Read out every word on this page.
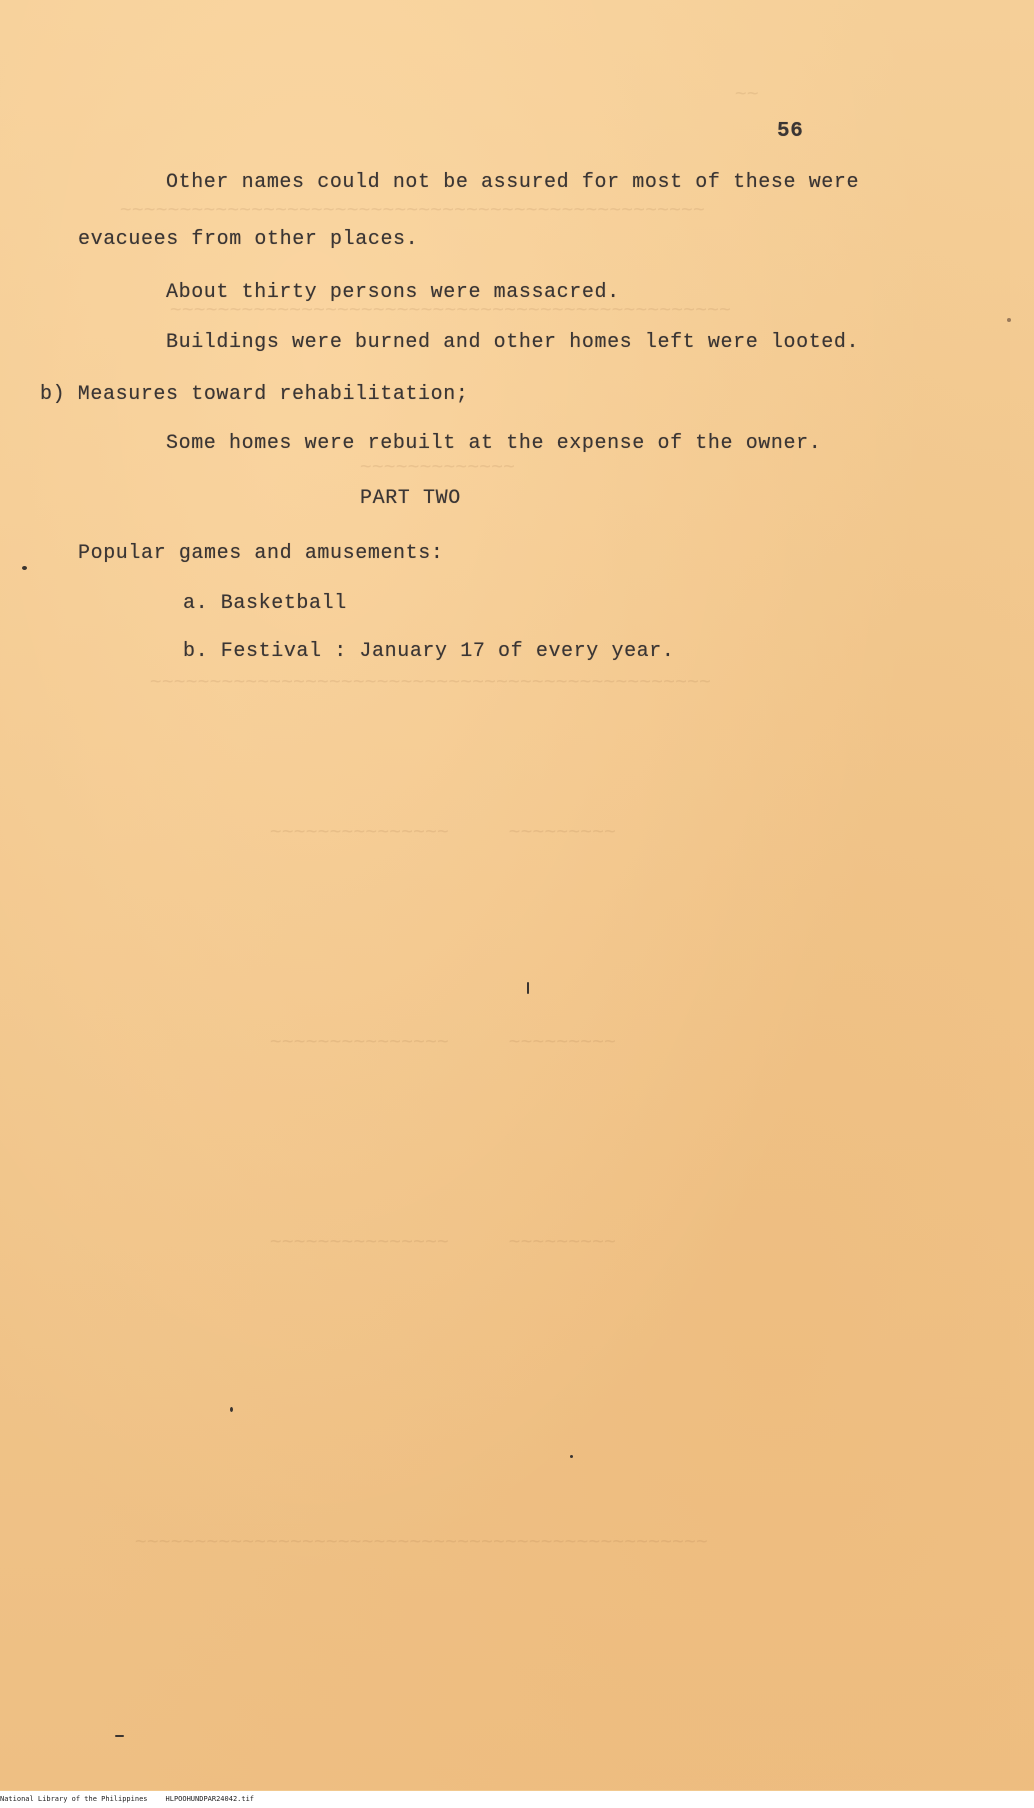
~~
~~~~~~~~~~~~~~~~~~~~~~~~~~~~~~~~~~~~~~~~~~~~~~~~~
~~~~~~~~~~~~~~~~~~~~~~~~~~~~~~~~~~~~~~~~~~~~~~~
~~~~~~~~~~~~~
~~~~~~~~~~~~~~~~~~~~~~~~~~~~~~~~~~~~~~~~~~~~~~~
~~~~~~~~~~~~~~~     ~~~~~~~~~
~~~~~~~~~~~~~~~     ~~~~~~~~~
~~~~~~~~~~~~~~~     ~~~~~~~~~
~~~~~~~~~~~~~~~~~~~~~~~~~~~~~~~~~~~~~~~~~~~~~~~~
56
Other names could not be assured for most of these were
evacuees from other places.
About thirty persons were massacred.
Buildings were burned and other homes left were looted.
b) Measures toward rehabilitation;
Some homes were rebuilt at the expense of the owner.
PART TWO
Popular games and amusements:
a. Basketball
b. Festival : January 17 of every year.
National Library of the Philippines	HLPOOHUNDPAR24042.tif
